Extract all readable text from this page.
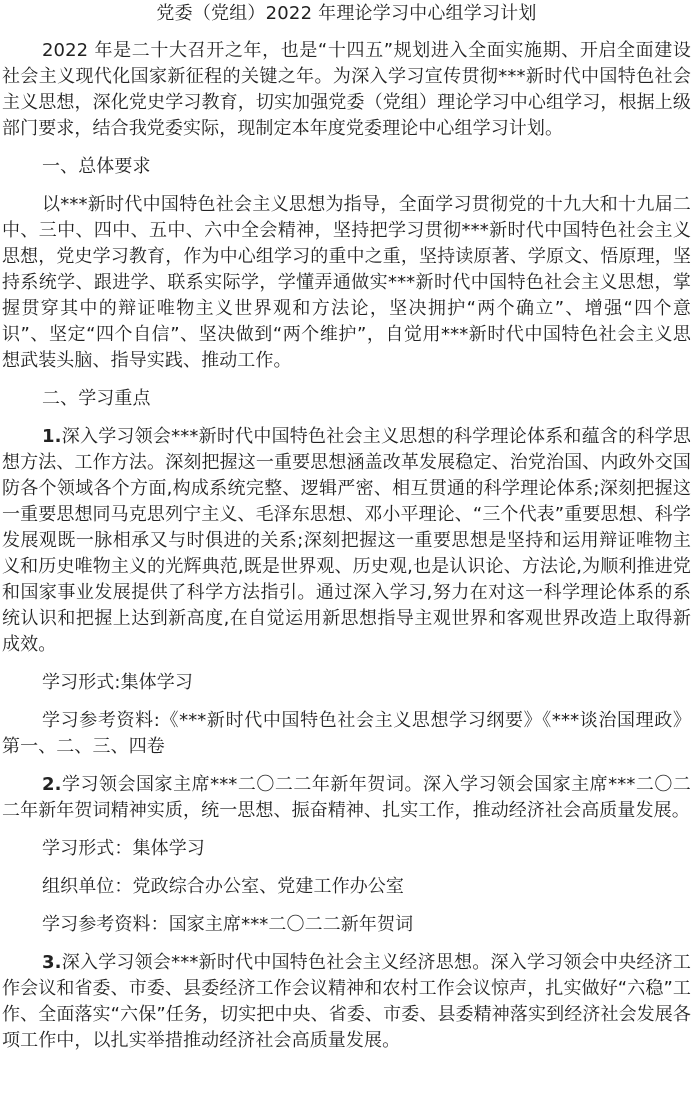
党委（党组）2022 年理论学习中心组学习计划

2022 年是二十大召开之年，也是“十四五”规划进入全面实施期、开启全面建设社会主义现代化国家新征程的关键之年。为深入学习宣传贯彻***新时代中国特色社会主义思想，深化党史学习教育，切实加强党委（党组）理论学习中心组学习，根据上级部门要求，结合我党委实际，现制定本年度党委理论中心组学习计划。

一、总体要求

以***新时代中国特色社会主义思想为指导，全面学习贯彻党的十九大和十九届二中、三中、四中、五中、六中全会精神，坚持把学习贯彻***新时代中国特色社会主义思想，党史学习教育，作为中心组学习的重中之重，坚持读原著、学原文、悟原理，坚持系统学、跟进学、联系实际学，学懂弄通做实***新时代中国特色社会主义思想，掌握贯穿其中的辩证唯物主义世界观和方法论，坚决拥护“两个确立”、增强“四个意识”、坚定“四个自信”、坚决做到“两个维护”，自觉用***新时代中国特色社会主义思想武装头脑、指导实践、推动工作。

二、学习重点

1.深入学习领会***新时代中国特色社会主义思想的科学理论体系和蕴含的科学思想方法、工作方法。深刻把握这一重要思想涵盖改革发展稳定、治党治国、内政外交国防各个领域各个方面,构成系统完整、逻辑严密、相互贯通的科学理论体系;深刻把握这一重要思想同马克思列宁主义、毛泽东思想、邓小平理论、“三个代表”重要思想、科学发展观既一脉相承又与时俱进的关系;深刻把握这一重要思想是坚持和运用辩证唯物主义和历史唯物主义的光辉典范,既是世界观、历史观,也是认识论、方法论,为顺利推进党和国家事业发展提供了科学方法指引。通过深入学习,努力在对这一科学理论体系的系统认识和把握上达到新高度,在自觉运用新思想指导主观世界和客观世界改造上取得新成效。

学习形式:集体学习

学习参考资料:《***新时代中国特色社会主义思想学习纲要》《***谈治国理政》第一、二、三、四卷

2.学习领会国家主席***二〇二二年新年贺词。深入学习领会国家主席***二〇二二年新年贺词精神实质，统一思想、振奋精神、扎实工作，推动经济社会高质量发展。

学习形式：集体学习

组织单位：党政综合办公室、党建工作办公室

学习参考资料：国家主席***二〇二二新年贺词

3.深入学习领会***新时代中国特色社会主义经济思想。深入学习领会中央经济工作会议和省委、市委、县委经济工作会议精神和农村工作会议惊声，扎实做好“六稳”工作、全面落实“六保”任务，切实把中央、省委、市委、县委精神落实到经济社会发展各项工作中，以扎实举措推动经济社会高质量发展。
